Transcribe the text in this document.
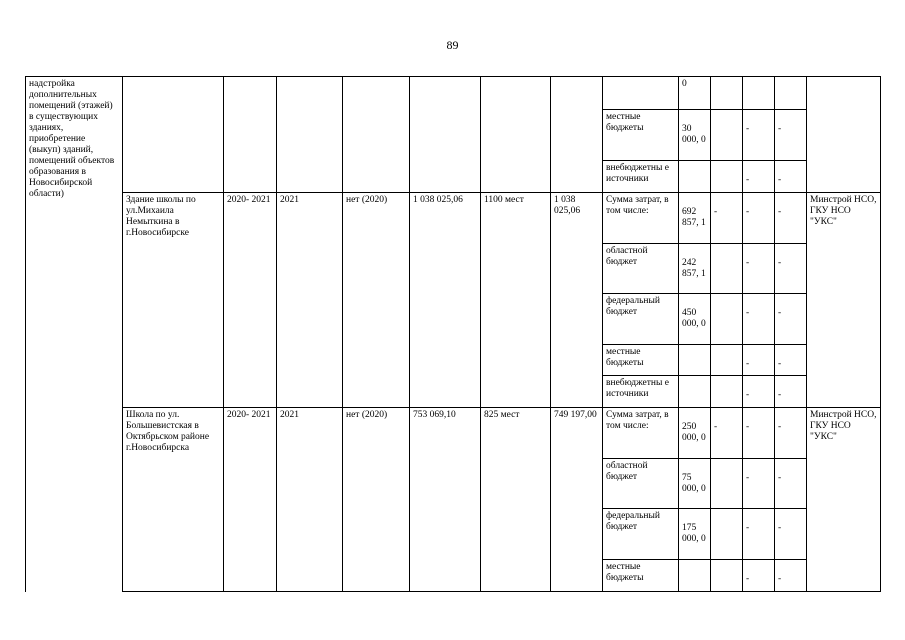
89
надстройка дополнительных помещений (этажей) в существующих зданиях, приобретение (выкуп) зданий, помещений объектов образования в Новосибирской области)									0				

								местные бюджеты	30 000, 0		-	-	

								внебюджетны е источники			-	-	

	Здание школы по ул.Михаила Немыткина в г.Новосибирске	2020- 2021	2021	нет (2020)	1 038 025,06	1100 мест	1 038 025,06	Сумма затрат, в том числе:	692 857, 1	-	-	-	Минстрой НСО, ГКУ НСО "УКС"
								областной бюджет	242 857, 1		-	-	

								федеральный бюджет	450 000, 0		-	-	

								местные бюджеты			-	-	

								внебюджетны е источники			-	-	

	Школа по ул. Большевистская в Октябрьском районе г.Новосибирска	2020- 2021	2021	нет (2020)	753 069,10	825 мест	749 197,00	Сумма затрат, в том числе:	250 000, 0	-	-	-	Минстрой НСО, ГКУ НСО "УКС"
								областной бюджет	75 000, 0		-	-	

								федеральный бюджет	175 000, 0		-	-	

								местные бюджеты			-	-	
